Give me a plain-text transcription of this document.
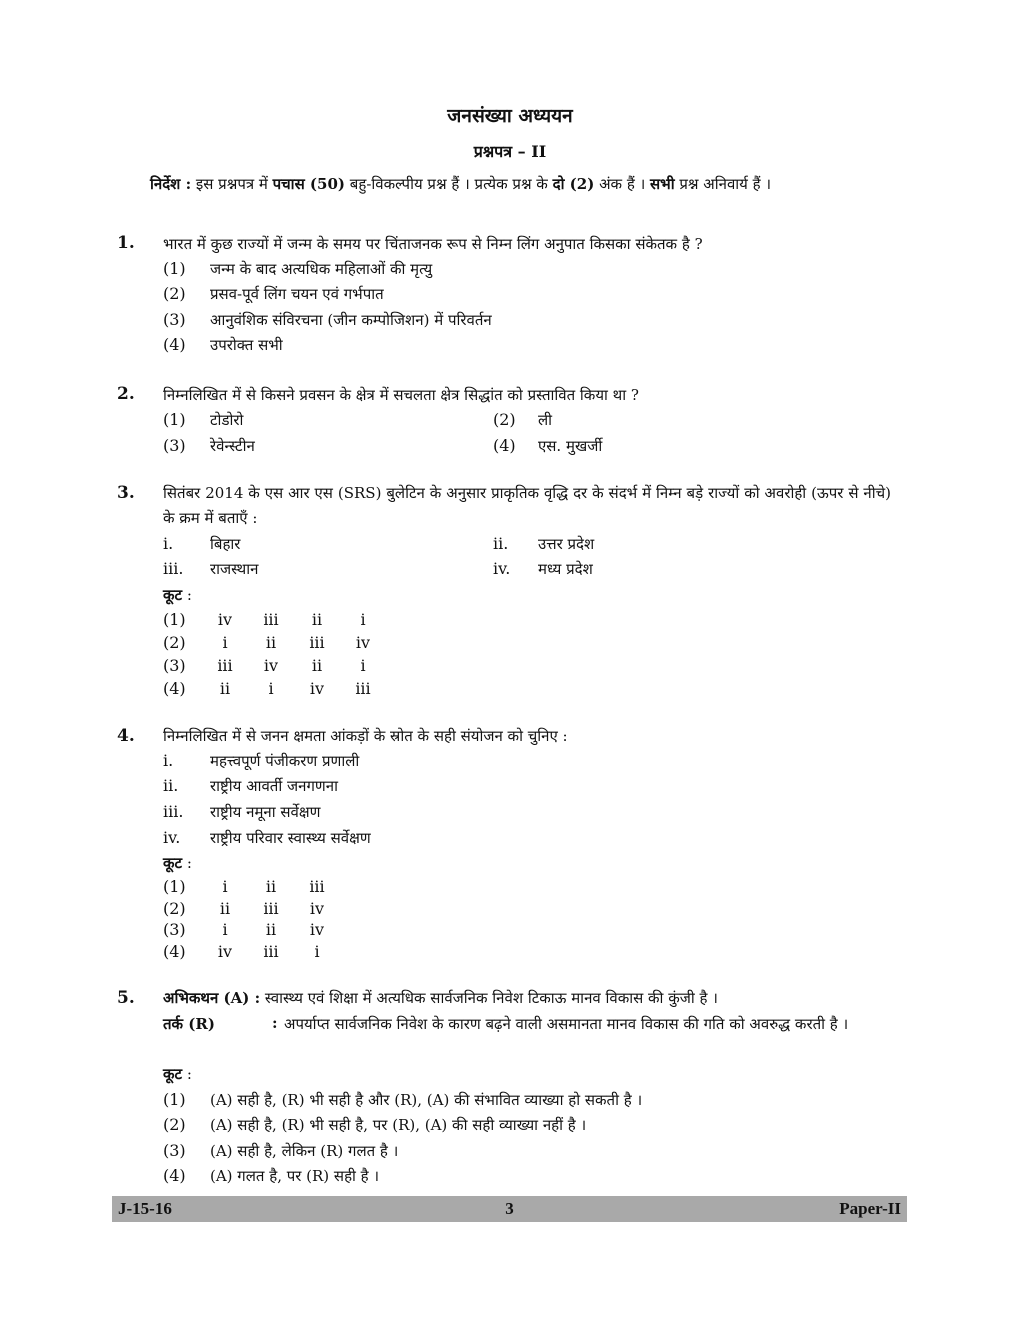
जनसंख्या अध्ययन
प्रश्नपत्र – II
निर्देश : इस प्रश्नपत्र में पचास (50) बहु-विकल्पीय प्रश्न हैं । प्रत्येक प्रश्न के दो (2) अंक हैं । सभी प्रश्न अनिवार्य हैं ।
1. भारत में कुछ राज्यों में जन्म के समय पर चिंताजनक रूप से निम्न लिंग अनुपात किसका संकेतक है ?
(1) जन्म के बाद अत्यधिक महिलाओं की मृत्यु
(2) प्रसव-पूर्व लिंग चयन एवं गर्भपात
(3) आनुवंशिक संविरचना (जीन कम्पोजिशन) में परिवर्तन
(4) उपरोक्त सभी
2. निम्नलिखित में से किसने प्रवसन के क्षेत्र में सचलता क्षेत्र सिद्धांत को प्रस्तावित किया था ?
(1) टोडोरो	(2) ली
(3) रेवेन्स्टीन	(4) एस. मुखर्जी
3. सितंबर 2014 के एस आर एस (SRS) बुलेटिन के अनुसार प्राकृतिक वृद्धि दर के संदर्भ में निम्न बड़े राज्यों को अवरोही (ऊपर से नीचे) के क्रम में बताएँ :
i. बिहार	ii. उत्तर प्रदेश
iii. राजस्थान	iv. मध्य प्रदेश
कूट :
(1) iv iii	ii	i
(2)	i	ii	iii	iv
(3) iii	iv	ii	i
(4)	ii	i	iv	iii
4. निम्नलिखित में से जनन क्षमता आंकड़ों के स्रोत के सही संयोजन को चुनिए :
i. महत्त्वपूर्ण पंजीकरण प्रणाली
ii. राष्ट्रीय आवर्ती जनगणना
iii. राष्ट्रीय नमूना सर्वेक्षण
iv. राष्ट्रीय परिवार स्वास्थ्य सर्वेक्षण
कूट :
(1)	i	ii	iii
(2)	ii	iii	iv
(3)	i	ii	iv
(4)	iv	iii	i
5. अभिकथन (A) : स्वास्थ्य एवं शिक्षा में अत्यधिक सार्वजनिक निवेश टिकाऊ मानव विकास की कुंजी है ।
तर्क (R)	: अपर्याप्त सार्वजनिक निवेश के कारण बढ़ने वाली असमानता मानव विकास की गति को अवरुद्ध करती है ।
कूट :
(1) (A) सही है, (R) भी सही है और (R), (A) की संभावित व्याख्या हो सकती है ।
(2) (A) सही है, (R) भी सही है, पर (R), (A) की सही व्याख्या नहीं है ।
(3) (A) सही है, लेकिन (R) गलत है ।
(4) (A) गलत है, पर (R) सही है ।
J-15-16	3	Paper-II
